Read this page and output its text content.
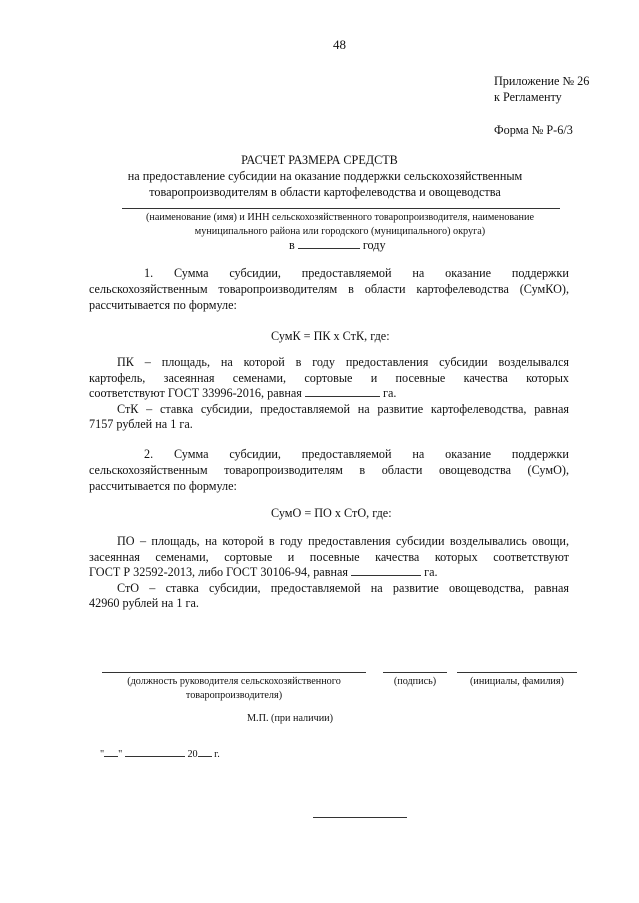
48
Приложение № 26
к Регламенту
Форма № Р-6/3
РАСЧЕТ РАЗМЕРА СРЕДСТВ
на предоставление субсидии на оказание поддержки сельскохозяйственным
товаропроизводителям в области картофелеводства и овощеводства
(наименование (имя) и ИНН сельскохозяйственного товаропроизводителя, наименование
муниципального района или городского (муниципального) округа)
в	году
1. Сумма субсидии, предоставляемой на оказание поддержки
сельскохозяйственным товаропроизводителям в области картофелеводства (СумКО),
рассчитывается по формуле:
СумК = ПК х СтК, где:
ПК – площадь, на которой в году предоставления субсидии возделывался
картофель, засеянная семенами, сортовые и посевные качества которых
соответствуют ГОСТ 33996-2016, равная	га.
СтК – ставка субсидии, предоставляемой на развитие картофелеводства, равная
7157 рублей на 1 га.
2. Сумма субсидии, предоставляемой на оказание поддержки
сельскохозяйственным товаропроизводителям в области овощеводства (СумО),
рассчитывается по формуле:
СумО = ПО х СтО, где:
ПО – площадь, на которой в году предоставления субсидии возделывались овощи,
засеянная семенами, сортовые и посевные качества которых соответствуют
ГОСТ Р 32592-2013, либо ГОСТ 30106-94, равная	га.
СтО – ставка субсидии, предоставляемой на развитие овощеводства, равная
42960 рублей на 1 га.
(должность руководителя сельскохозяйственного
товаропроизводителя)
(подпись)	(инициалы, фамилия)
М.П. (при наличии)
" "	20 г.
